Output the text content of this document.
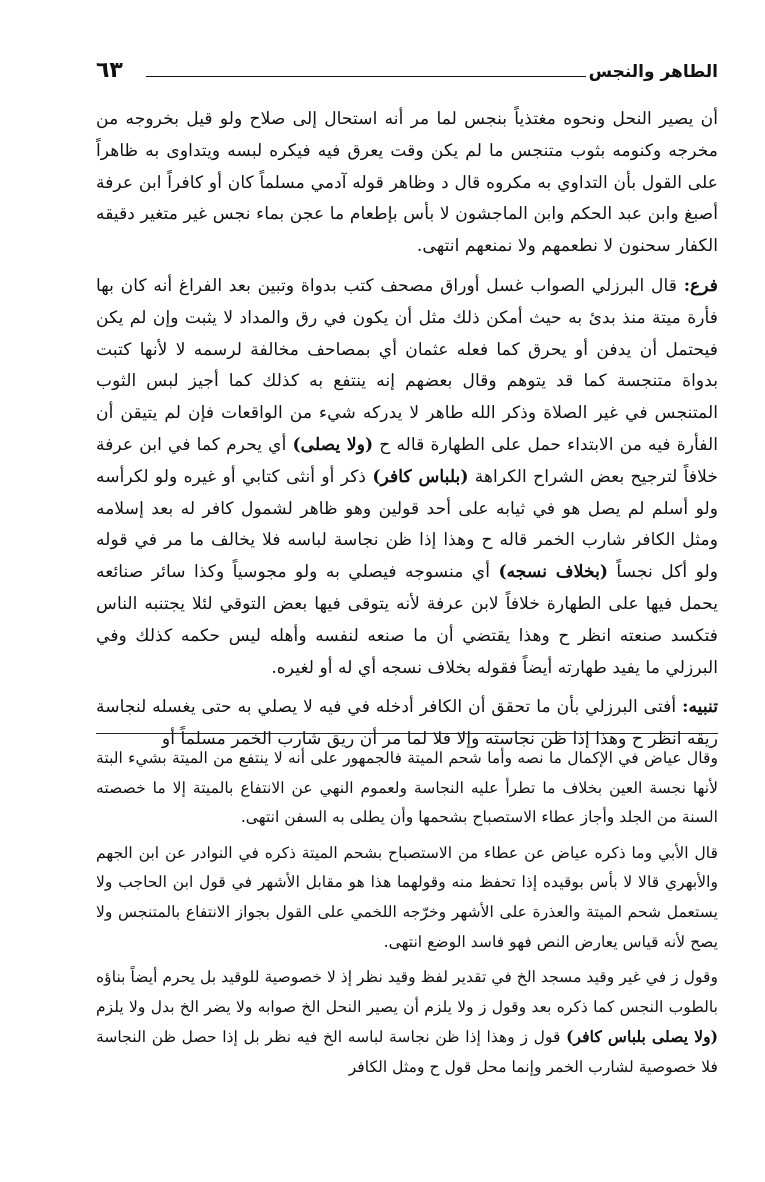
الطاهر والنجس
٦٣

أن يصير النحل ونحوه مغتذياً بنجس لما مر أنه استحال إلى صلاح ولو قيل بخروجه من مخرجه وكنومه بثوب متنجس ما لم يكن وقت يعرق فيه فيكره لبسه ويتداوى به ظاهراً على القول بأن التداوي به مكروه قال د وظاهر قوله آدمي مسلماً كان أو كافراً ابن عرفة أصبغ وابن عبد الحكم وابن الماجشون لا بأس بإطعام ما عجن بماء نجس غير متغير دقيقه الكفار سحنون لا نطعمهم ولا نمنعهم انتهى.

فرع: قال البرزلي الصواب غسل أوراق مصحف كتب بدواة وتبين بعد الفراغ أنه كان بها فأرة ميتة منذ بدئ به حيث أمكن ذلك مثل أن يكون في رق والمداد لا يثبت وإن لم يكن فيحتمل أن يدفن أو يحرق كما فعله عثمان أي بمصاحف مخالفة لرسمه لا لأنها كتبت بدواة متنجسة كما قد يتوهم وقال بعضهم إنه ينتفع به كذلك كما أجيز لبس الثوب المتنجس في غير الصلاة وذكر الله طاهر لا يدركه شيء من الواقعات فإن لم يتيقن أن الفأرة فيه من الابتداء حمل على الطهارة قاله ح (ولا يصلى) أي يحرم كما في ابن عرفة خلافاً لترجيح بعض الشراح الكراهة (بلباس كافر) ذكر أو أنثى كتابي أو غيره ولو لكرأسه ولو أسلم لم يصل هو في ثيابه على أحد قولين وهو ظاهر لشمول كافر له بعد إسلامه ومثل الكافر شارب الخمر قاله ح وهذا إذا ظن نجاسة لباسه فلا يخالف ما مر في قوله ولو أكل نجساً (بخلاف نسجه) أي منسوجه فيصلي به ولو مجوسياً وكذا سائر صنائعه يحمل فيها على الطهارة خلافاً لابن عرفة لأنه يتوقى فيها بعض التوقي لئلا يجتنبه الناس فتكسد صنعته انظر ح وهذا يقتضي أن ما صنعه لنفسه وأهله ليس حكمه كذلك وفي البرزلي ما يفيد طهارته أيضاً فقوله بخلاف نسجه أي له أو لغيره.

تنبيه: أفتى البرزلي بأن ما تحقق أن الكافر أدخله في فيه لا يصلي به حتى يغسله لنجاسة ريقه انظر ح وهذا إذا ظن نجاسته وإلا فلا لما مر أن ريق شارب الخمر مسلماً أو

وقال عياض في الإكمال ما نصه وأما شحم الميتة فالجمهور على أنه لا ينتفع من الميتة بشيء البتة لأنها نجسة العين بخلاف ما تطرأ عليه النجاسة ولعموم النهي عن الانتفاع بالميتة إلا ما خصصته السنة من الجلد وأجاز عطاء الاستصباح بشحمها وأن يطلى به السفن انتهى.

قال الأبي وما ذكره عياض عن عطاء من الاستصباح بشحم الميتة ذكره في النوادر عن ابن الجهم والأبهري قالا لا بأس بوقيده إذا تحفظ منه وقولهما هذا هو مقابل الأشهر في قول ابن الحاجب ولا يستعمل شحم الميتة والعذرة على الأشهر وخرّجه اللخمي على القول بجواز الانتفاع بالمتنجس ولا يصح لأنه قياس يعارض النص فهو فاسد الوضع انتهى.

وقول ز في غير وقيد مسجد الخ في تقدير لفظ وقيد نظر إذ لا خصوصية للوقيد بل يحرم أيضاً بناؤه بالطوب النجس كما ذكره بعد وقول ز ولا يلزم أن يصير النحل الخ صوابه ولا يضر الخ بدل ولا يلزم (ولا يصلى بلباس كافر) قول ز وهذا إذا ظن نجاسة لباسه الخ فيه نظر بل إذا حصل ظن النجاسة فلا خصوصية لشارب الخمر وإنما محل قول ح ومثل الكافر
